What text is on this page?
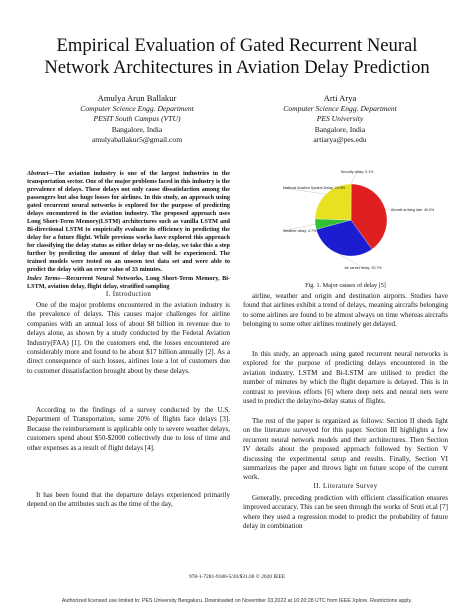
Empirical Evaluation of Gated Recurrent Neural
Network Architectures in Aviation Delay Prediction
Amulya Arun Ballakur
Computer Science Engg. Department
PESIT South Campus (VTU)
Bangalore, India
amulyaballakur5@gmail.com
Arti Arya
Computer Science Engg. Department
PES University
Bangalore, India
artiarya@pes.edu

Abstract—The aviation industry is one of the largest industries in the transportation sector. One of the major problems faced in this industry is the prevalence of delays. These delays not only cause dissatisfaction among the passengers but also huge losses for airlines. In this study, an approach using gated recurrent neural networks is explored for the purpose of predicting delays encountered in the aviation industry. The proposed approach uses Long Short-Term Memory(LSTM) architectures such as vanilla LSTM and Bi-directional LSTM to empirically evaluate its efficiency in predicting the delay for a future flight. While previous works have explored this approach for classifying the delay status as either delay or no-delay, we take this a step further by predicting the amount of delay that will be experienced. The trained models were tested on an unseen test data set and were able to predict the delay with an error value of 33 minutes.

Index Terms—Recurrent Neural Networks, Long Short-Term Memory, Bi-LSTM, aviation delay, flight delay, stratified sampling

I. Introduction
One of the major problems encountered in the aviation industry is the prevalence of delays. This causes major challenges for airline companies with an annual loss of about $8 billion in revenue due to delays alone, as shown by a study conducted by the Federal Aviation Industry(FAA) [1]. On the customers end, the losses encountered are considerably more and found to be about $17 billion annually [2]. As a direct consequence of such losses, airlines lose a lot of customers due to customer dissatisfaction brought about by these delays.
According to the findings of a survey conducted by the U.S. Department of Transportation, some 20% of flights face delays [3]. Because the reimbursement is applicable only to severe weather delays, customers spend about $50-$2000 collectively due to loss of time and other expenses as a result of flight delays [4].
It has been found that the departure delays experienced primarily depend on the attributes such as the time of the day,
Security delay: 0.1%
Aircraft arriving late: 40.0%
Air carrier delay: 30.7%
Weather delay: 4.7%
National Aviation System Delay: 24.5%
Fig. 1. Major causes of delay [5]
airline, weather and origin and destination airports. Studies have found that airlines exhibit a trend of delays, meaning aircrafts belonging to some airlines are found to be almost always on time whereas aircrafts belonging to some other airlines routinely get delayed.
In this study, an approach using gated recurrent neural networks is explored for the purpose of predicting delays encountered in the aviation industry. LSTM and Bi-LSTM are utilised to predict the number of minutes by which the flight departure is delayed. This is in contrast to previous efforts [6] where deep nets and neural nets were used to predict the delay/no-delay status of flights.
The rest of the paper is organized as follows: Section II sheds light on the literature surveyed for this paper. Section III highlights a few recurrent neural network models and their architectures. Then Section IV details about the proposed approach followed by Section V discussing the experimental setup and results. Finally, Section VI summarizes the paper and throws light on future scope of the current work.
II. Literature Survey
Generally, preceding prediction with efficient classification ensures improved accuracy. This can be seen through the works of Sruti et.al [7] where they used a regression model to predict the probability of future delay in combination
978-1-7281-9180-5/20/$31.00 © 2020 IEEE
Authorized licensed use limited to: PES University Bengaluru. Downloaded on November 03,2022 at 10:20:28 UTC from IEEE Xplore. Restrictions apply.
